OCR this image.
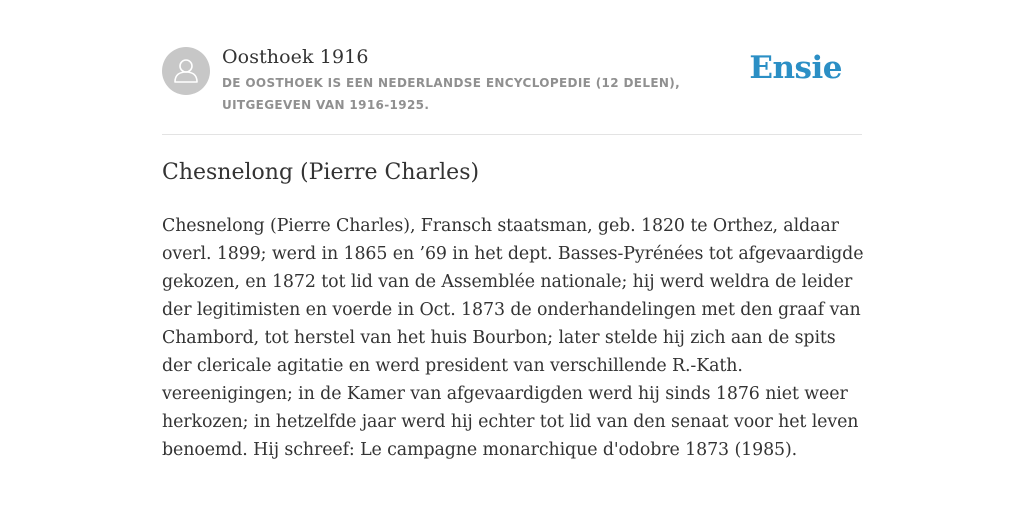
Oosthoek 1916
DE OOSTHOEK IS EEN NEDERLANDSE ENCYCLOPEDIE (12 DELEN), UITGEGEVEN VAN 1916-1925.
Ensie
Chesnelong (Pierre Charles)

Chesnelong (Pierre Charles), Fransch staatsman, geb. 1820 te Orthez, aldaar overl. 1899; werd in 1865 en ’69 in het dept. Basses-Pyrénées tot afgevaardigde gekozen, en 1872 tot lid van de Assemblée nationale; hij werd weldra de leider der legitimisten en voerde in Oct. 1873 de onderhandelingen met den graaf van Chambord, tot herstel van het huis Bourbon; later stelde hij zich aan de spits der clericale agitatie en werd president van verschillende R.-Kath. vereenigingen; in de Kamer van afgevaardigden werd hij sinds 1876 niet weer herkozen; in hetzelfde jaar werd hij echter tot lid van den senaat voor het leven benoemd. Hij schreef: Le campagne monarchique d'odobre 1873 (1985).
